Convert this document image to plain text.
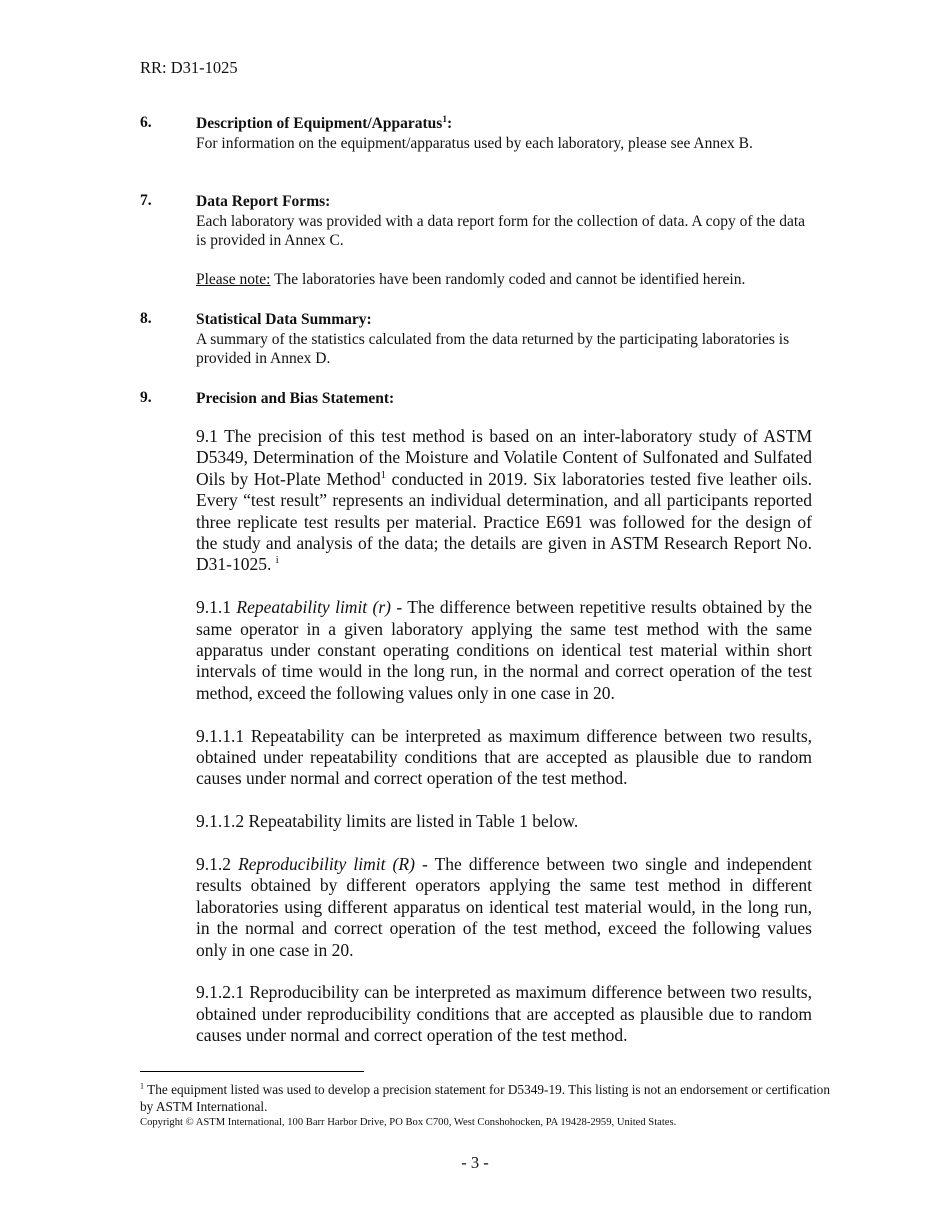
RR: D31-1025
6.	Description of Equipment/Apparatus$^1$:
For information on the equipment/apparatus used by each laboratory, please see Annex B.
7.	Data Report Forms:
Each laboratory was provided with a data report form for the collection of data. A copy of the data is provided in Annex C.
Please note: The laboratories have been randomly coded and cannot be identified herein.
8.	Statistical Data Summary:
A summary of the statistics calculated from the data returned by the participating laboratories is provided in Annex D.
9.	Precision and Bias Statement:

9.1 The precision of this test method is based on an inter-laboratory study of ASTM D5349, Determination of the Moisture and Volatile Content of Sulfonated and Sulfated Oils by Hot-Plate Method$^1$ conducted in 2019. Six laboratories tested five leather oils. Every “test result” represents an individual determination, and all participants reported three replicate test results per material. Practice E691 was followed for the design of the study and analysis of the data; the details are given in ASTM Research Report No. D31-1025. $^i$

9.1.1 Repeatability limit (r) - The difference between repetitive results obtained by the same operator in a given laboratory applying the same test method with the same apparatus under constant operating conditions on identical test material within short intervals of time would in the long run, in the normal and correct operation of the test method, exceed the following values only in one case in 20.

9.1.1.1 Repeatability can be interpreted as maximum difference between two results, obtained under repeatability conditions that are accepted as plausible due to random causes under normal and correct operation of the test method.

9.1.1.2 Repeatability limits are listed in Table 1 below.

9.1.2 Reproducibility limit (R) - The difference between two single and independent results obtained by different operators applying the same test method in different laboratories using different apparatus on identical test material would, in the long run, in the normal and correct operation of the test method, exceed the following values only in one case in 20.

9.1.2.1 Reproducibility can be interpreted as maximum difference between two results, obtained under reproducibility conditions that are accepted as plausible due to random causes under normal and correct operation of the test method.

$^1$ The equipment listed was used to develop a precision statement for D5349-19. This listing is not an endorsement or certification by ASTM International.
Copyright © ASTM International, 100 Barr Harbor Drive, PO Box C700, West Conshohocken, PA 19428-2959, United States.
- 3 -
